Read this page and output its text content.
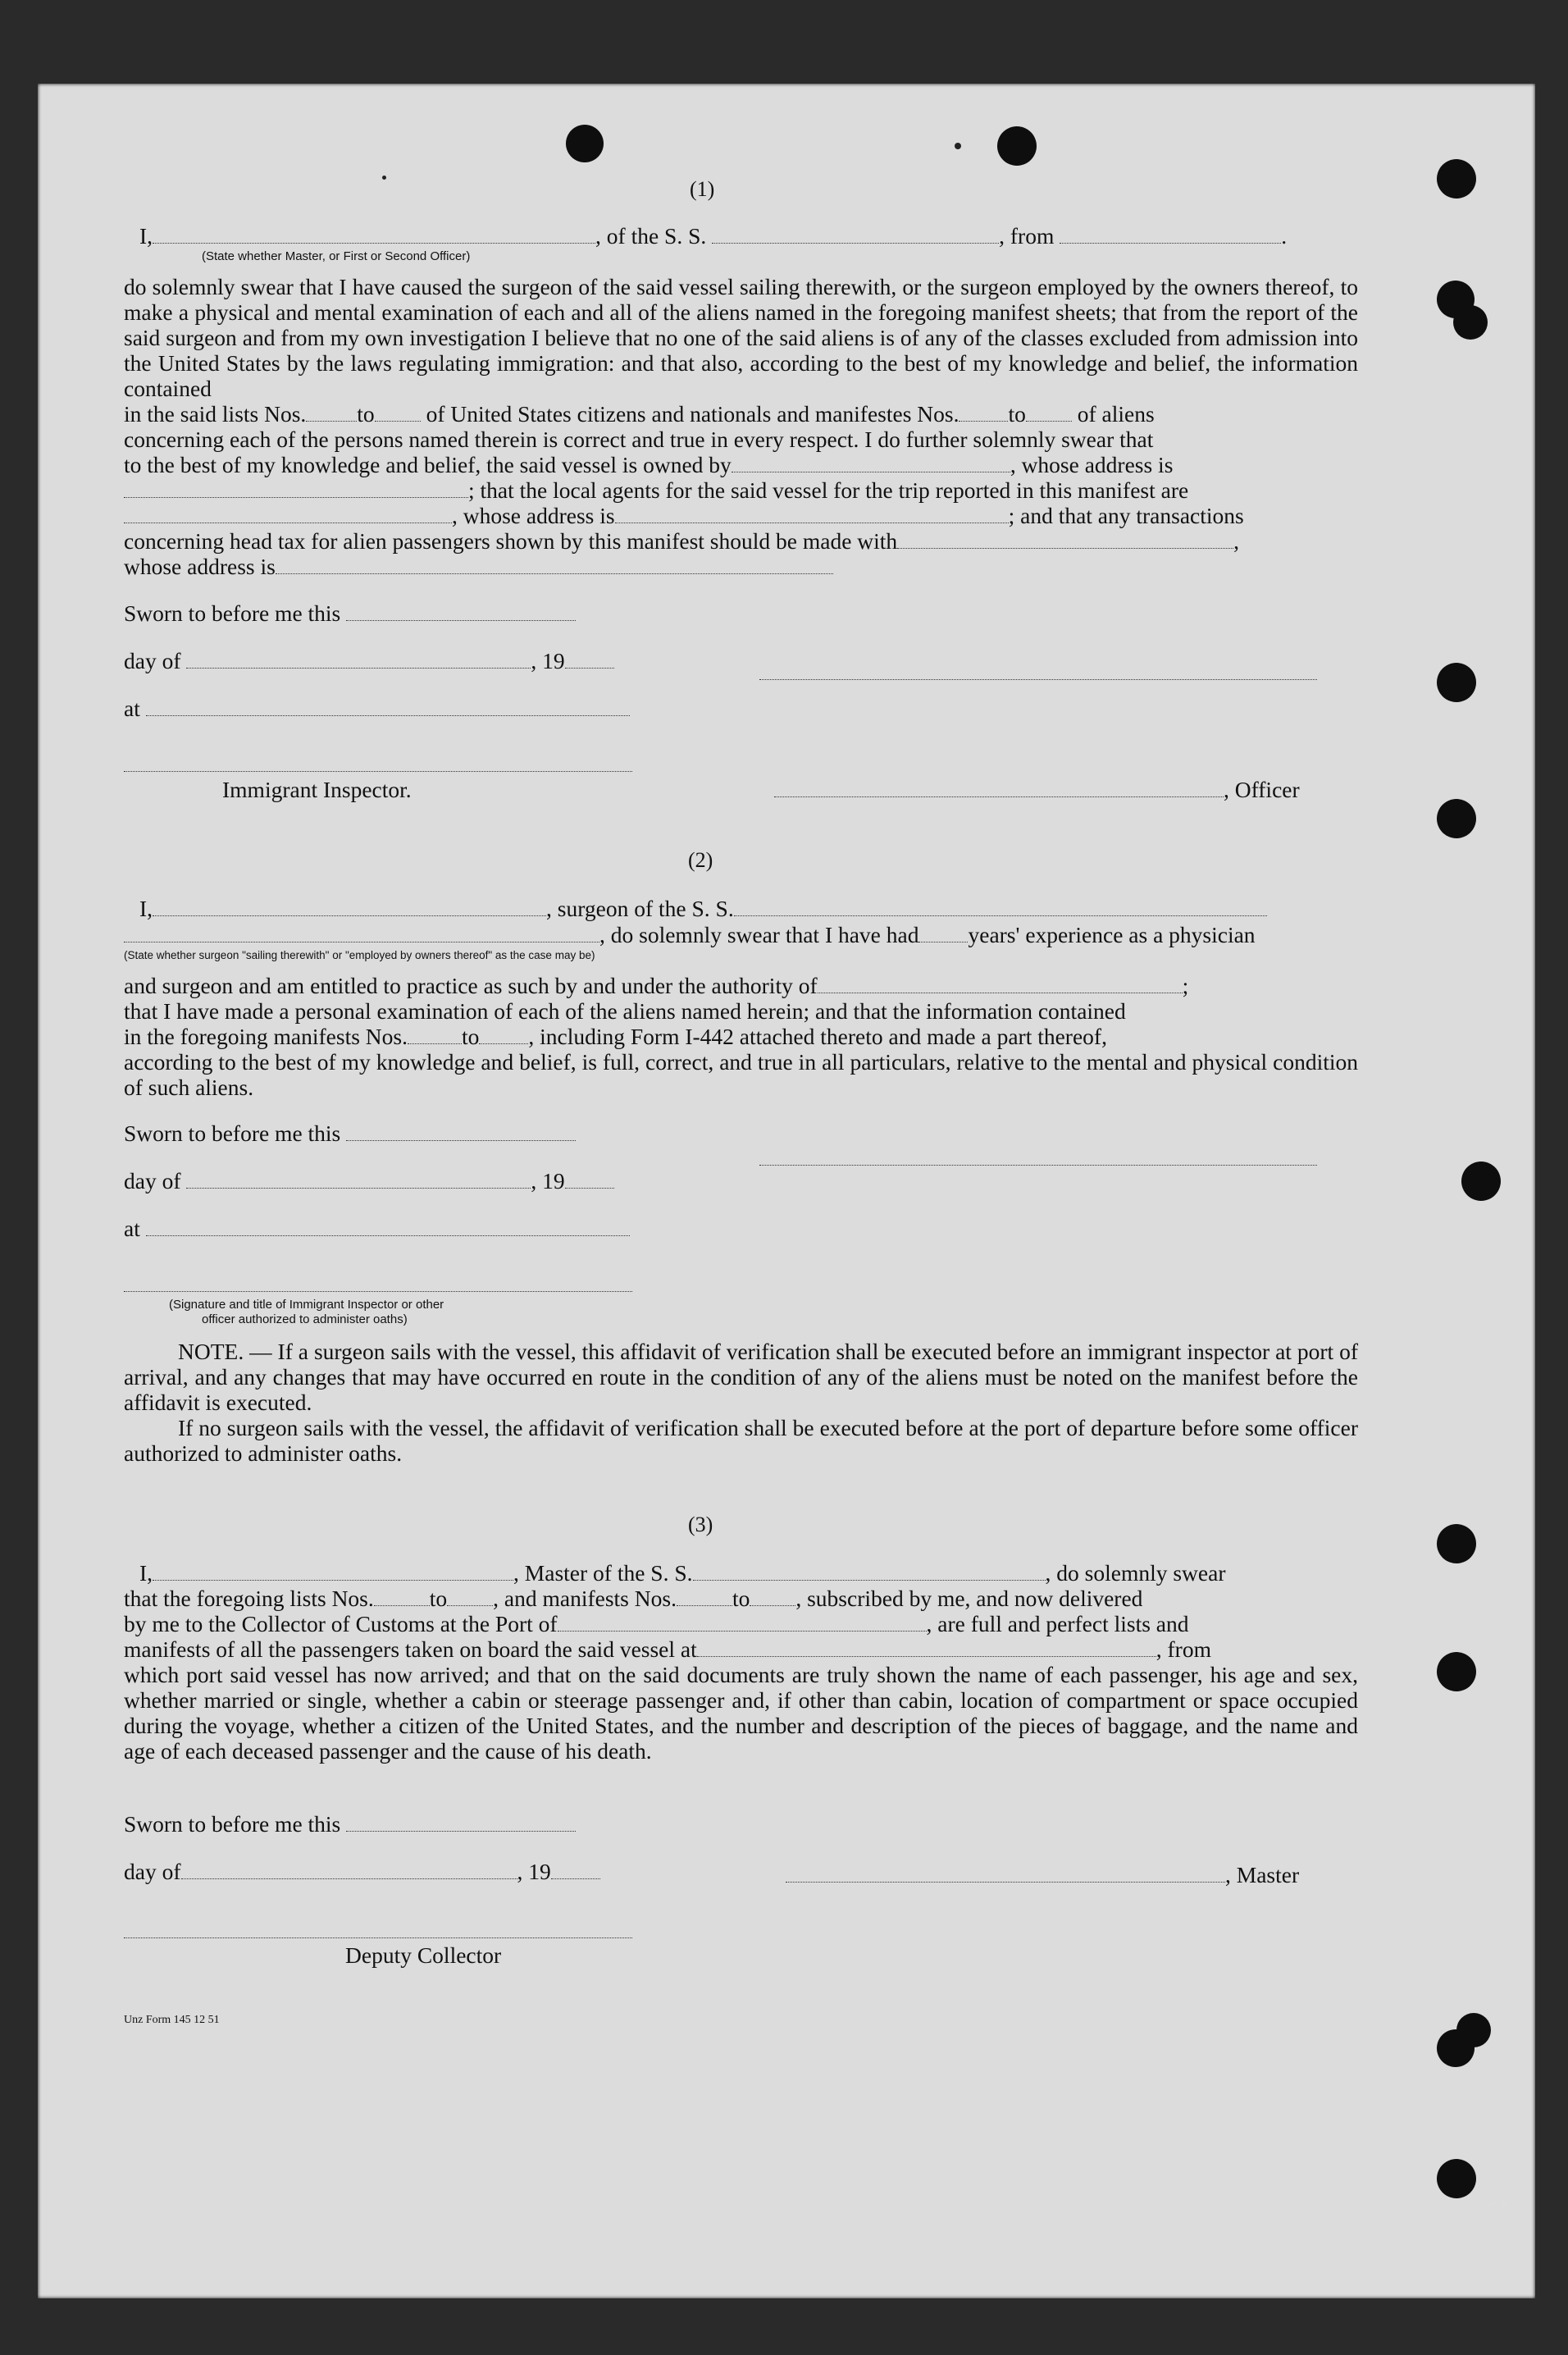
(1)
I,	, of the S. S.	, from	.
(State whether Master, or First or Second Officer)
do solemnly swear that I have caused the surgeon of the said vessel sailing therewith, or the surgeon employed by the owners thereof, to make a physical and mental examination of each and all of the aliens named in the foregoing manifest sheets; that from the report of the said surgeon and from my own investigation I believe that no one of the said aliens is of any of the classes excluded from admission into the United States by the laws regulating immigration: and that also, according to the best of my knowledge and belief, the information contained
in the said lists Nos. to of United States citizens and nationals and manifestes Nos. to of aliens
concerning each of the persons named therein is correct and true in every respect. I do further solemnly swear that
to the best of my knowledge and belief, the said vessel is owned by	, whose address is
; that the local agents for the said vessel for the trip reported in this manifest are
, whose address is	; and that any transactions
concerning head tax for alien passengers shown by this manifest should be made with	,
whose address is
Sworn to before me this
day of	, 19
at
Immigrant Inspector.	, Officer
(2)
I,	, surgeon of the S. S.
, do solemnly swear that I have had years' experience as a physician
(State whether surgeon "sailing therewith" or "employed by owners thereof" as the case may be)
and surgeon and am entitled to practice as such by and under the authority of	;
that I have made a personal examination of each of the aliens named herein; and that the information contained
in the foregoing manifests Nos. to , including Form I-442 attached thereto and made a part thereof,
according to the best of my knowledge and belief, is full, correct, and true in all particulars, relative to the mental and physical condition of such aliens.
Sworn to before me this
day of	, 19
at
(Signature and title of Immigrant Inspector or other
officer authorized to administer oaths)
NOTE. — If a surgeon sails with the vessel, this affidavit of verification shall be executed before an immigrant inspector at port of arrival, and any changes that may have occurred en route in the condition of any of the aliens must be noted on the manifest before the affidavit is executed.
If no surgeon sails with the vessel, the affidavit of verification shall be executed before at the port of departure before some officer authorized to administer oaths.
(3)
I,	, Master of the S. S.	, do solemnly swear
that the foregoing lists Nos. to , and manifests Nos. to , subscribed by me, and now delivered
by me to the Collector of Customs at the Port of	, are full and perfect lists and
manifests of all the passengers taken on board the said vessel at	, from
which port said vessel has now arrived; and that on the said documents are truly shown the name of each passenger, his age and sex, whether married or single, whether a cabin or steerage passenger and, if other than cabin, location of compartment or space occupied during the voyage, whether a citizen of the United States, and the number and description of the pieces of baggage, and the name and age of each deceased passenger and the cause of his death.
Sworn to before me this
day of	, 19	, Master
Deputy Collector
Unz Form 145 12 51
2
